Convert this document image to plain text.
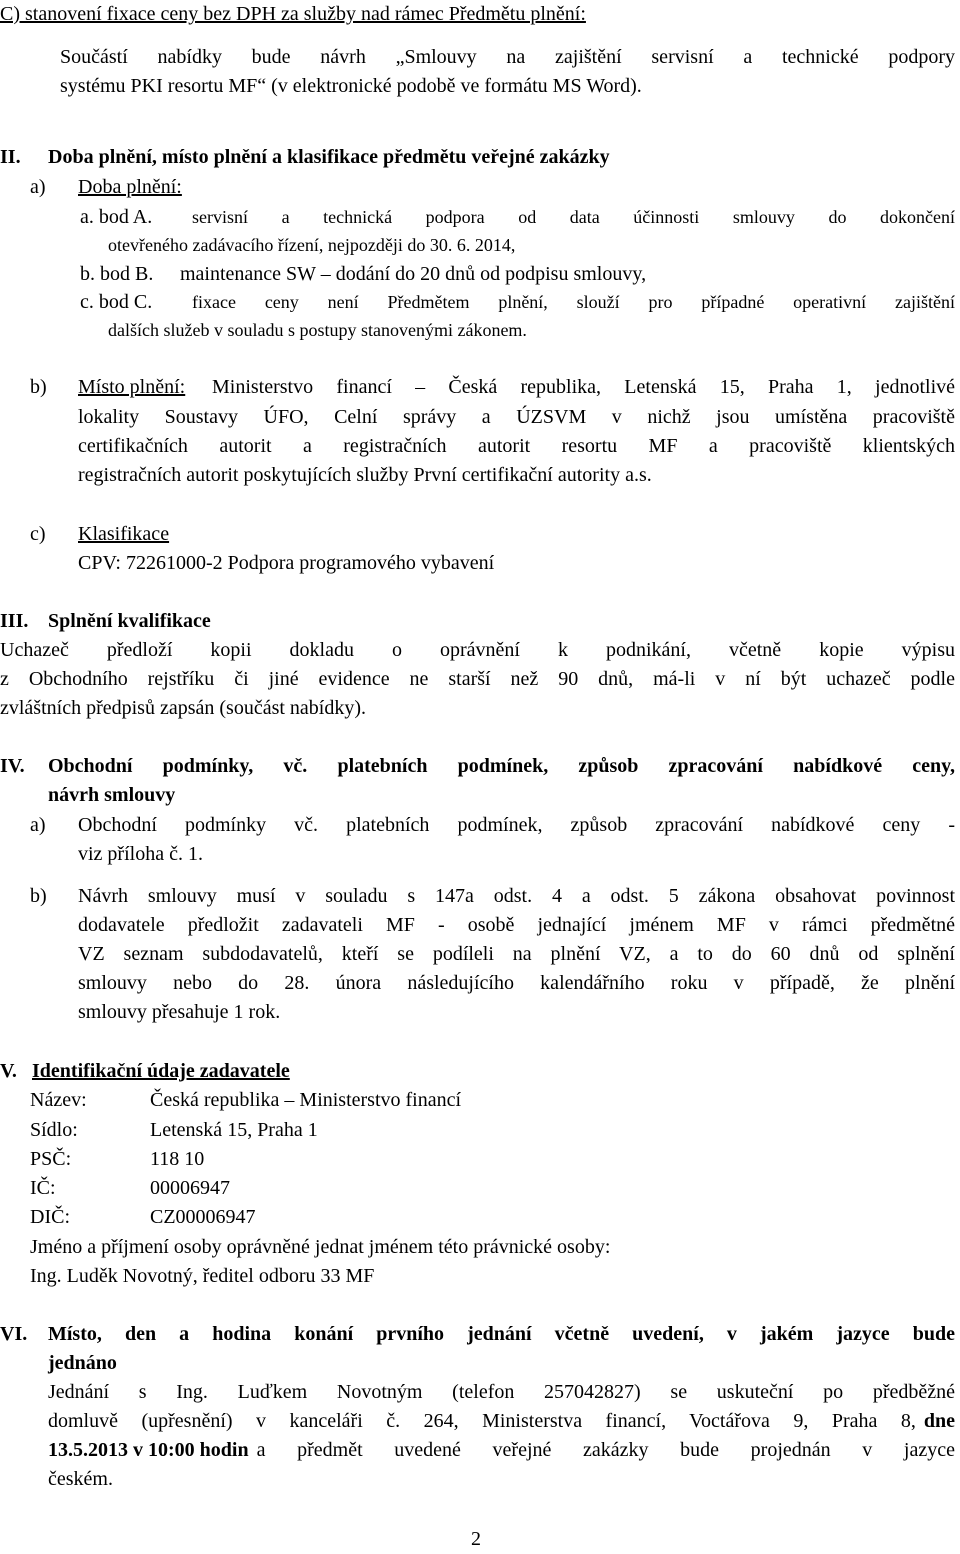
C) stanovení fixace ceny bez DPH za služby nad rámec Předmětu plnění:
Součástí nabídky bude návrh „Smlouvy na zajištění servisní a technické podpory
systému PKI resortu MF“ (v elektronické podobě ve formátu MS Word).
II. Doba plnění, místo plnění a klasifikace předmětu veřejné zakázky
a) Doba plnění:
a. bod A. servisní a technická podpora od data účinnosti smlouvy do dokončení
otevřeného zadávacího řízení, nejpozději do 30. 6. 2014,
b. bod B. maintenance SW – dodání do 20 dnů od podpisu smlouvy,
c. bod C. fixace ceny není Předmětem plnění, slouží pro případné operativní zajištění
dalších služeb v souladu s postupy stanovenými zákonem.
b) Místo plnění: Ministerstvo financí – Česká republika, Letenská 15, Praha 1, jednotlivé
lokality Soustavy ÚFO, Celní správy a ÚZSVM v nichž jsou umístěna pracoviště
certifikačních autorit a registračních autorit resortu MF a pracoviště klientských
registračních autorit poskytujících služby První certifikační autority a.s.
c) Klasifikace
CPV: 72261000-2 Podpora programového vybavení
III. Splnění kvalifikace
Uchazeč předloží kopii dokladu o oprávnění k podnikání, včetně kopie výpisu
z Obchodního rejstříku či jiné evidence ne starší než 90 dnů, má-li v ní být uchazeč podle
zvláštních předpisů zapsán (součást nabídky).
IV. Obchodní podmínky, vč. platebních podmínek, způsob zpracování nabídkové ceny,
návrh smlouvy
a) Obchodní podmínky vč. platebních podmínek, způsob zpracování nabídkové ceny -
viz příloha č. 1.
b) Návrh smlouvy musí v souladu s 147a odst. 4 a odst. 5 zákona obsahovat povinnost
dodavatele předložit zadavateli MF - osobě jednající jménem MF v rámci předmětné
VZ seznam subdodavatelů, kteří se podíleli na plnění VZ, a to do 60 dnů od splnění
smlouvy nebo do 28. února následujícího kalendářního roku v případě, že plnění
smlouvy přesahuje 1 rok.
V. Identifikační údaje zadavatele
Název:	Česká republika – Ministerstvo financí
Sídlo:	Letenská 15, Praha 1
PSČ:	118 10
IČ:	00006947
DIČ:	CZ00006947
Jméno a příjmení osoby oprávněné jednat jménem této právnické osoby:
Ing. Luděk Novotný, ředitel odboru 33 MF
VI. Místo, den a hodina konání prvního jednání včetně uvedení, v jakém jazyce bude
jednáno
Jednání s Ing. Luďkem Novotným (telefon 257042827) se uskuteční po předběžné
domluvě (upřesnění) v kanceláři č. 264, Ministerstva financí, Voctářova 9, Praha 8, dne
13.5.2013 v 10:00 hodin a předmět uvedené veřejné zakázky bude projednán v jazyce
českém.
2
